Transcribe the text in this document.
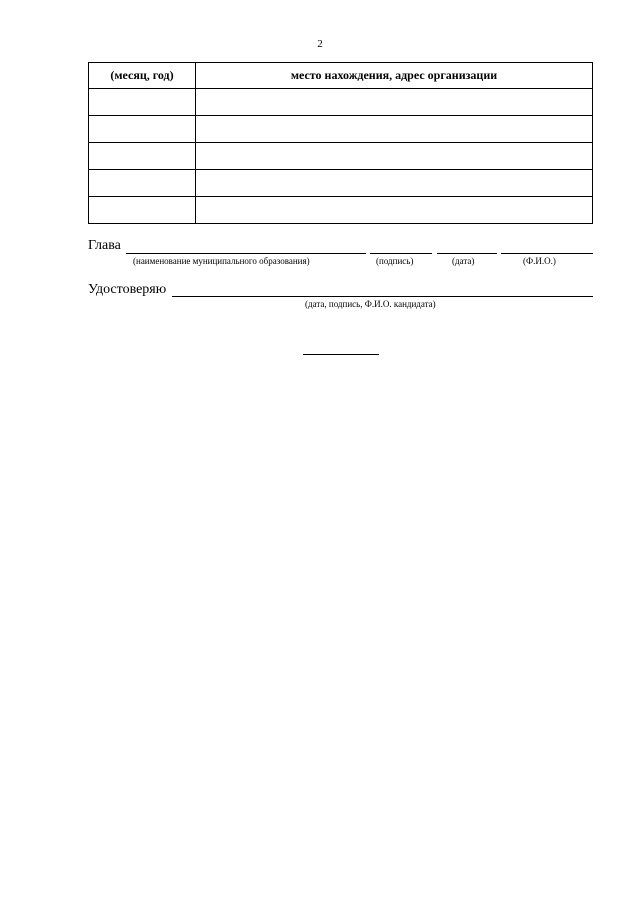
2
(месяц, год)	место нахождения, адрес организации

Глава
(наименование муниципального образования)	(подпись)	(дата)	(Ф.И.О.)
Удостоверяю
(дата, подпись, Ф.И.О. кандидата)
